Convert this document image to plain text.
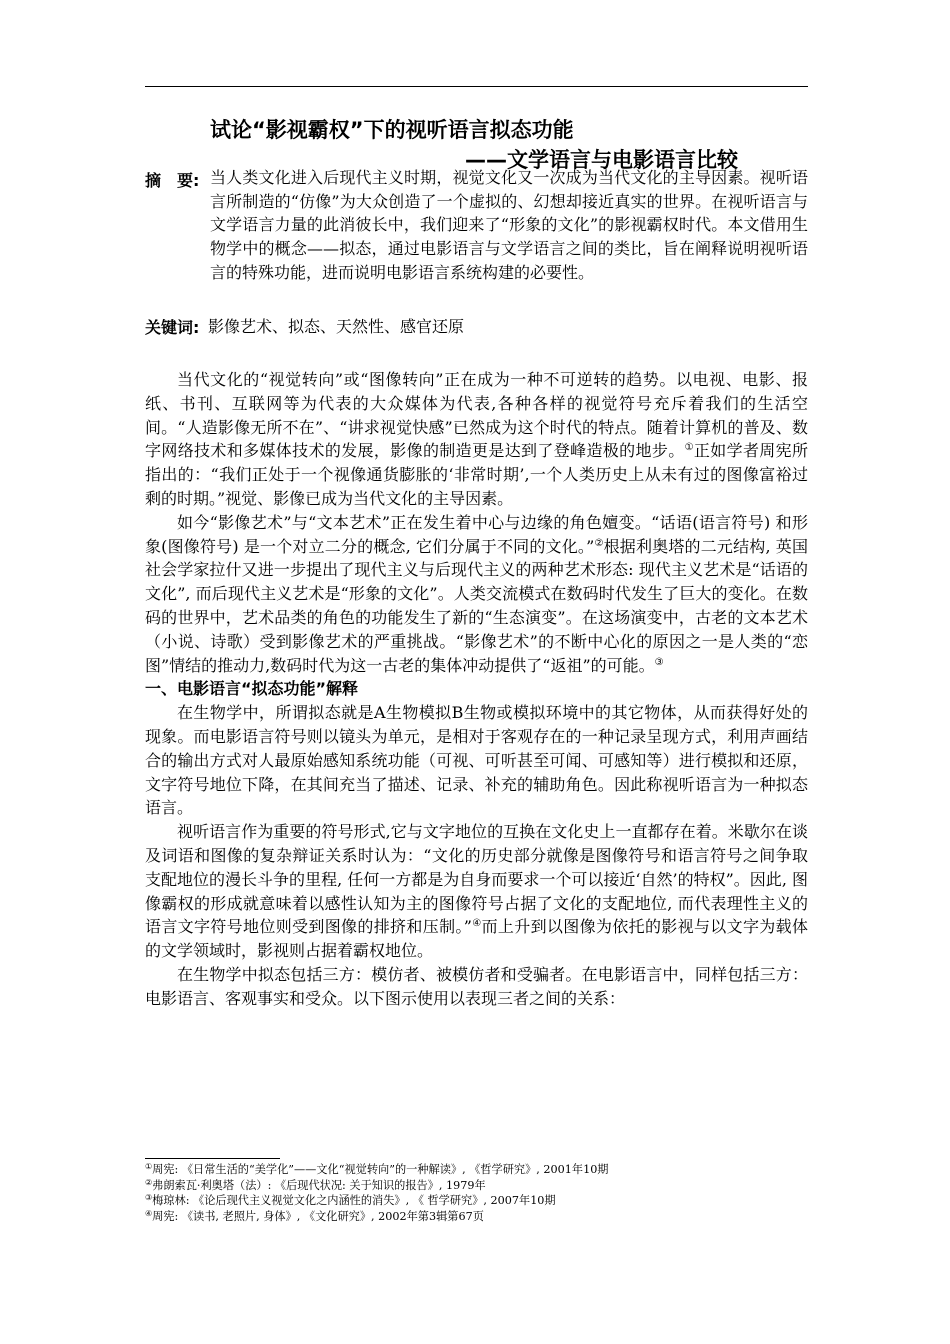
试论“影视霸权”下的视听语言拟态功能
——文学语言与电影语言比较
摘　要: 当人类文化进入后现代主义时期，视觉文化又一次成为当代文化的主导因素。视听语言所制造的“仿像”为大众创造了一个虚拟的、幻想却接近真实的世界。在视听语言与文学语言力量的此消彼长中，我们迎来了“形象的文化”的影视霸权时代。本文借用生物学中的概念——拟态，通过电影语言与文学语言之间的类比，旨在阐释说明视听语言的特殊功能，进而说明电影语言系统构建的必要性。
关键词: 影像艺术、拟态、天然性、感官还原

当代文化的“视觉转向”或“图像转向”正在成为一种不可逆转的趋势。以电视、电影、报纸、书刊、互联网等为代表的大众媒体为代表,各种各样的视觉符号充斥着我们的生活空间。“人造影像无所不在”、“讲求视觉快感”已然成为这个时代的特点。随着计算机的普及、数字网络技术和多媒体技术的发展，影像的制造更是达到了登峰造极的地步。①正如学者周宪所指出的：“我们正处于一个视像通货膨胀的‘非常时期’,一个人类历史上从未有过的图像富裕过剩的时期。”视觉、影像已成为当代文化的主导因素。

如今“影像艺术”与“文本艺术”正在发生着中心与边缘的角色嬗变。“话语(语言符号) 和形象(图像符号) 是一个对立二分的概念, 它们分属于不同的文化。”②根据利奥塔的二元结构, 英国社会学家拉什又进一步提出了现代主义与后现代主义的两种艺术形态: 现代主义艺术是“话语的文化”, 而后现代主义艺术是“形象的文化”。人类交流模式在数码时代发生了巨大的变化。在数码的世界中，艺术品类的角色的功能发生了新的“生态演变”。在这场演变中，古老的文本艺术（小说、诗歌）受到影像艺术的严重挑战。“影像艺术”的不断中心化的原因之一是人类的“恋图”情结的推动力,数码时代为这一古老的集体冲动提供了“返祖”的可能。③

一、电影语言“拟态功能”解释

在生物学中，所谓拟态就是A生物模拟B生物或模拟环境中的其它物体，从而获得好处的现象。而电影语言符号则以镜头为单元，是相对于客观存在的一种记录呈现方式，利用声画结合的输出方式对人最原始感知系统功能（可视、可听甚至可闻、可感知等）进行模拟和还原，文字符号地位下降，在其间充当了描述、记录、补充的辅助角色。因此称视听语言为一种拟态语言。

视听语言作为重要的符号形式,它与文字地位的互换在文化史上一直都存在着。米歇尔在谈及词语和图像的复杂辩证关系时认为：“文化的历史部分就像是图像符号和语言符号之间争取支配地位的漫长斗争的里程, 任何一方都是为自身而要求一个可以接近‘自然’的特权”。因此, 图像霸权的形成就意味着以感性认知为主的图像符号占据了文化的支配地位, 而代表理性主义的语言文字符号地位则受到图像的排挤和压制。”④而上升到以图像为依托的影视与以文字为载体的文学领域时，影视则占据着霸权地位。

在生物学中拟态包括三方：模仿者、被模仿者和受骗者。在电影语言中，同样包括三方：电影语言、客观事实和受众。以下图示使用以表现三者之间的关系：

①周宪: 《日常生活的“美学化”——文化“视觉转向”的一种解读》, 《哲学研究》, 2001年10期
②弗朗索瓦·利奥塔（法）: 《后现代状况: 关于知识的报告》, 1979年
③梅琼林: 《论后现代主义视觉文化之内涵性的消失》, 《 哲学研究》, 2007年10期
④周宪: 《读书, 老照片, 身体》, 《文化研究》, 2002年第3辑第67页
